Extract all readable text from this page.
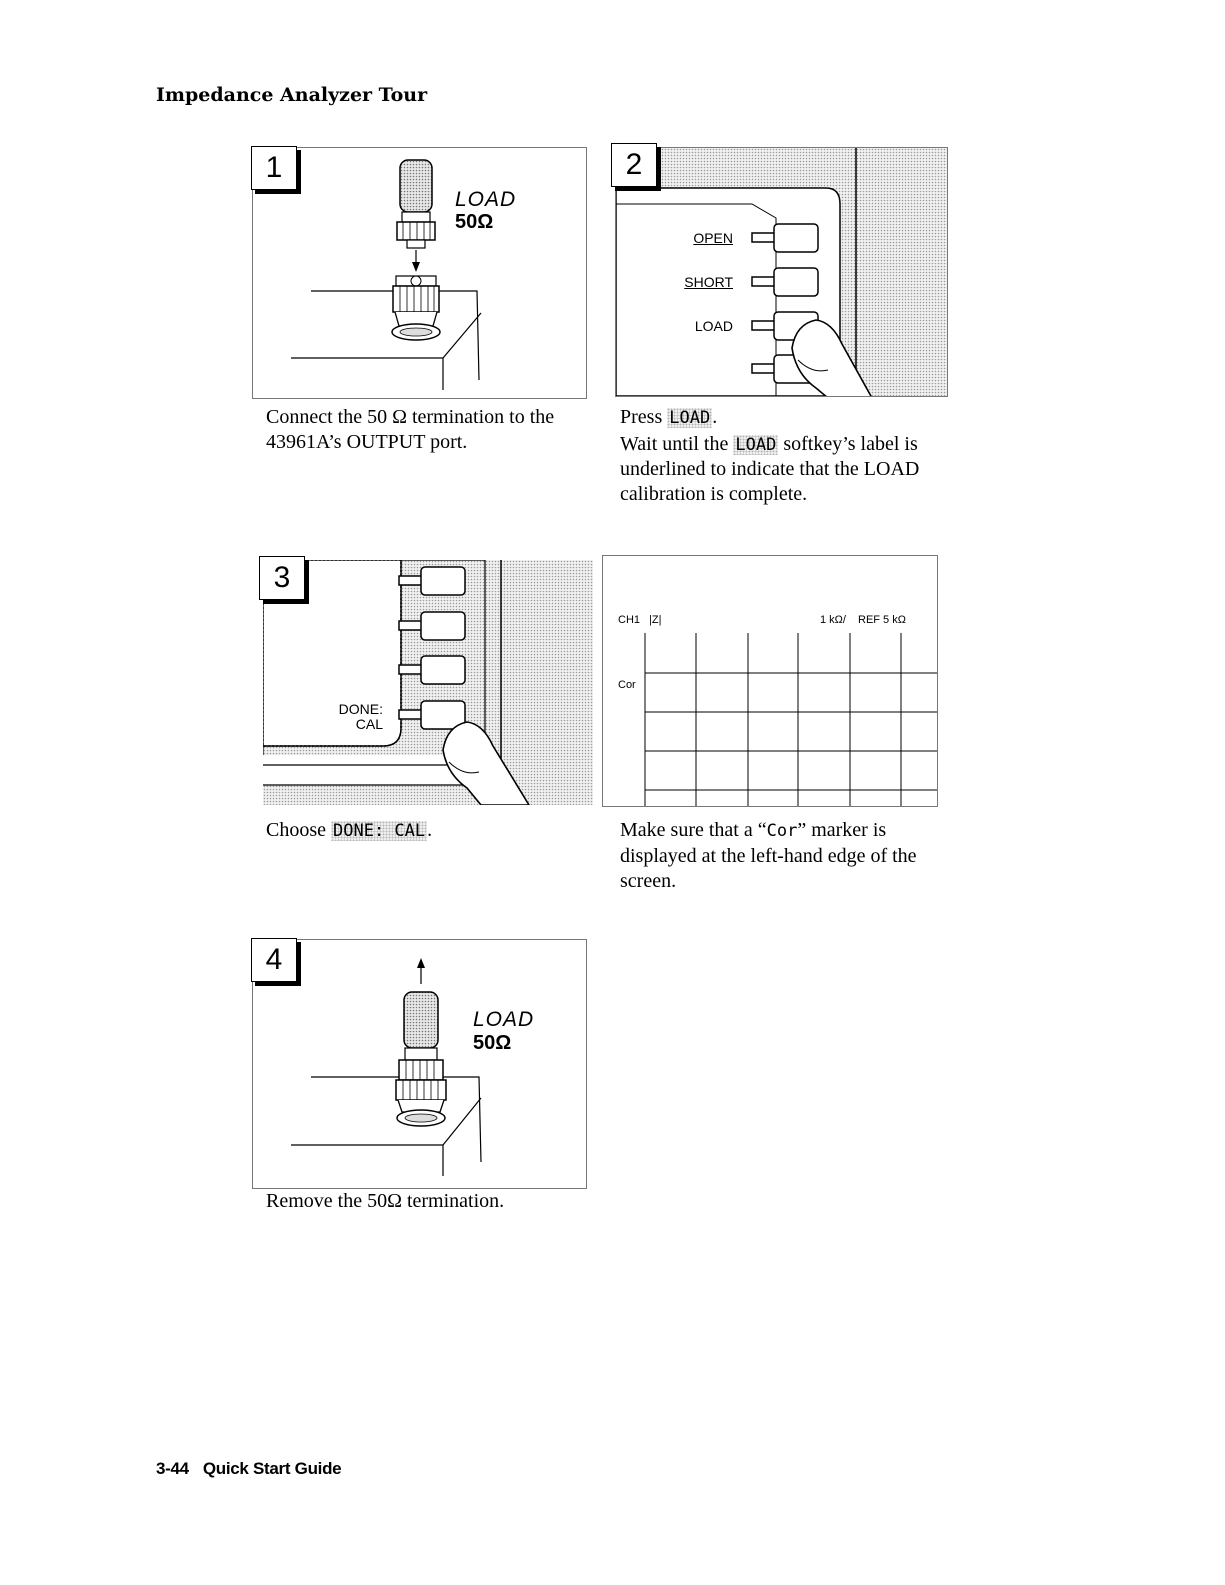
Impedance Analyzer Tour
LOAD
50Ω
1
Connect the 50 Ω termination to the 43961A’s OUTPUT port.
OPEN
SHORT
LOAD
2

Press LOAD .

Wait until the LOAD softkey’s label is underlined to indicate that the LOAD calibration is complete.

DONE:
CAL
3
Choose DONE: CAL .
CH1 |Z|	1 kΩ/ REF 5 kΩ
Cor
Make sure that a “Cor” marker is displayed at the left-hand edge of the screen.
LOAD
50Ω
4
Remove the 50Ω termination.
3-44 Quick Start Guide
